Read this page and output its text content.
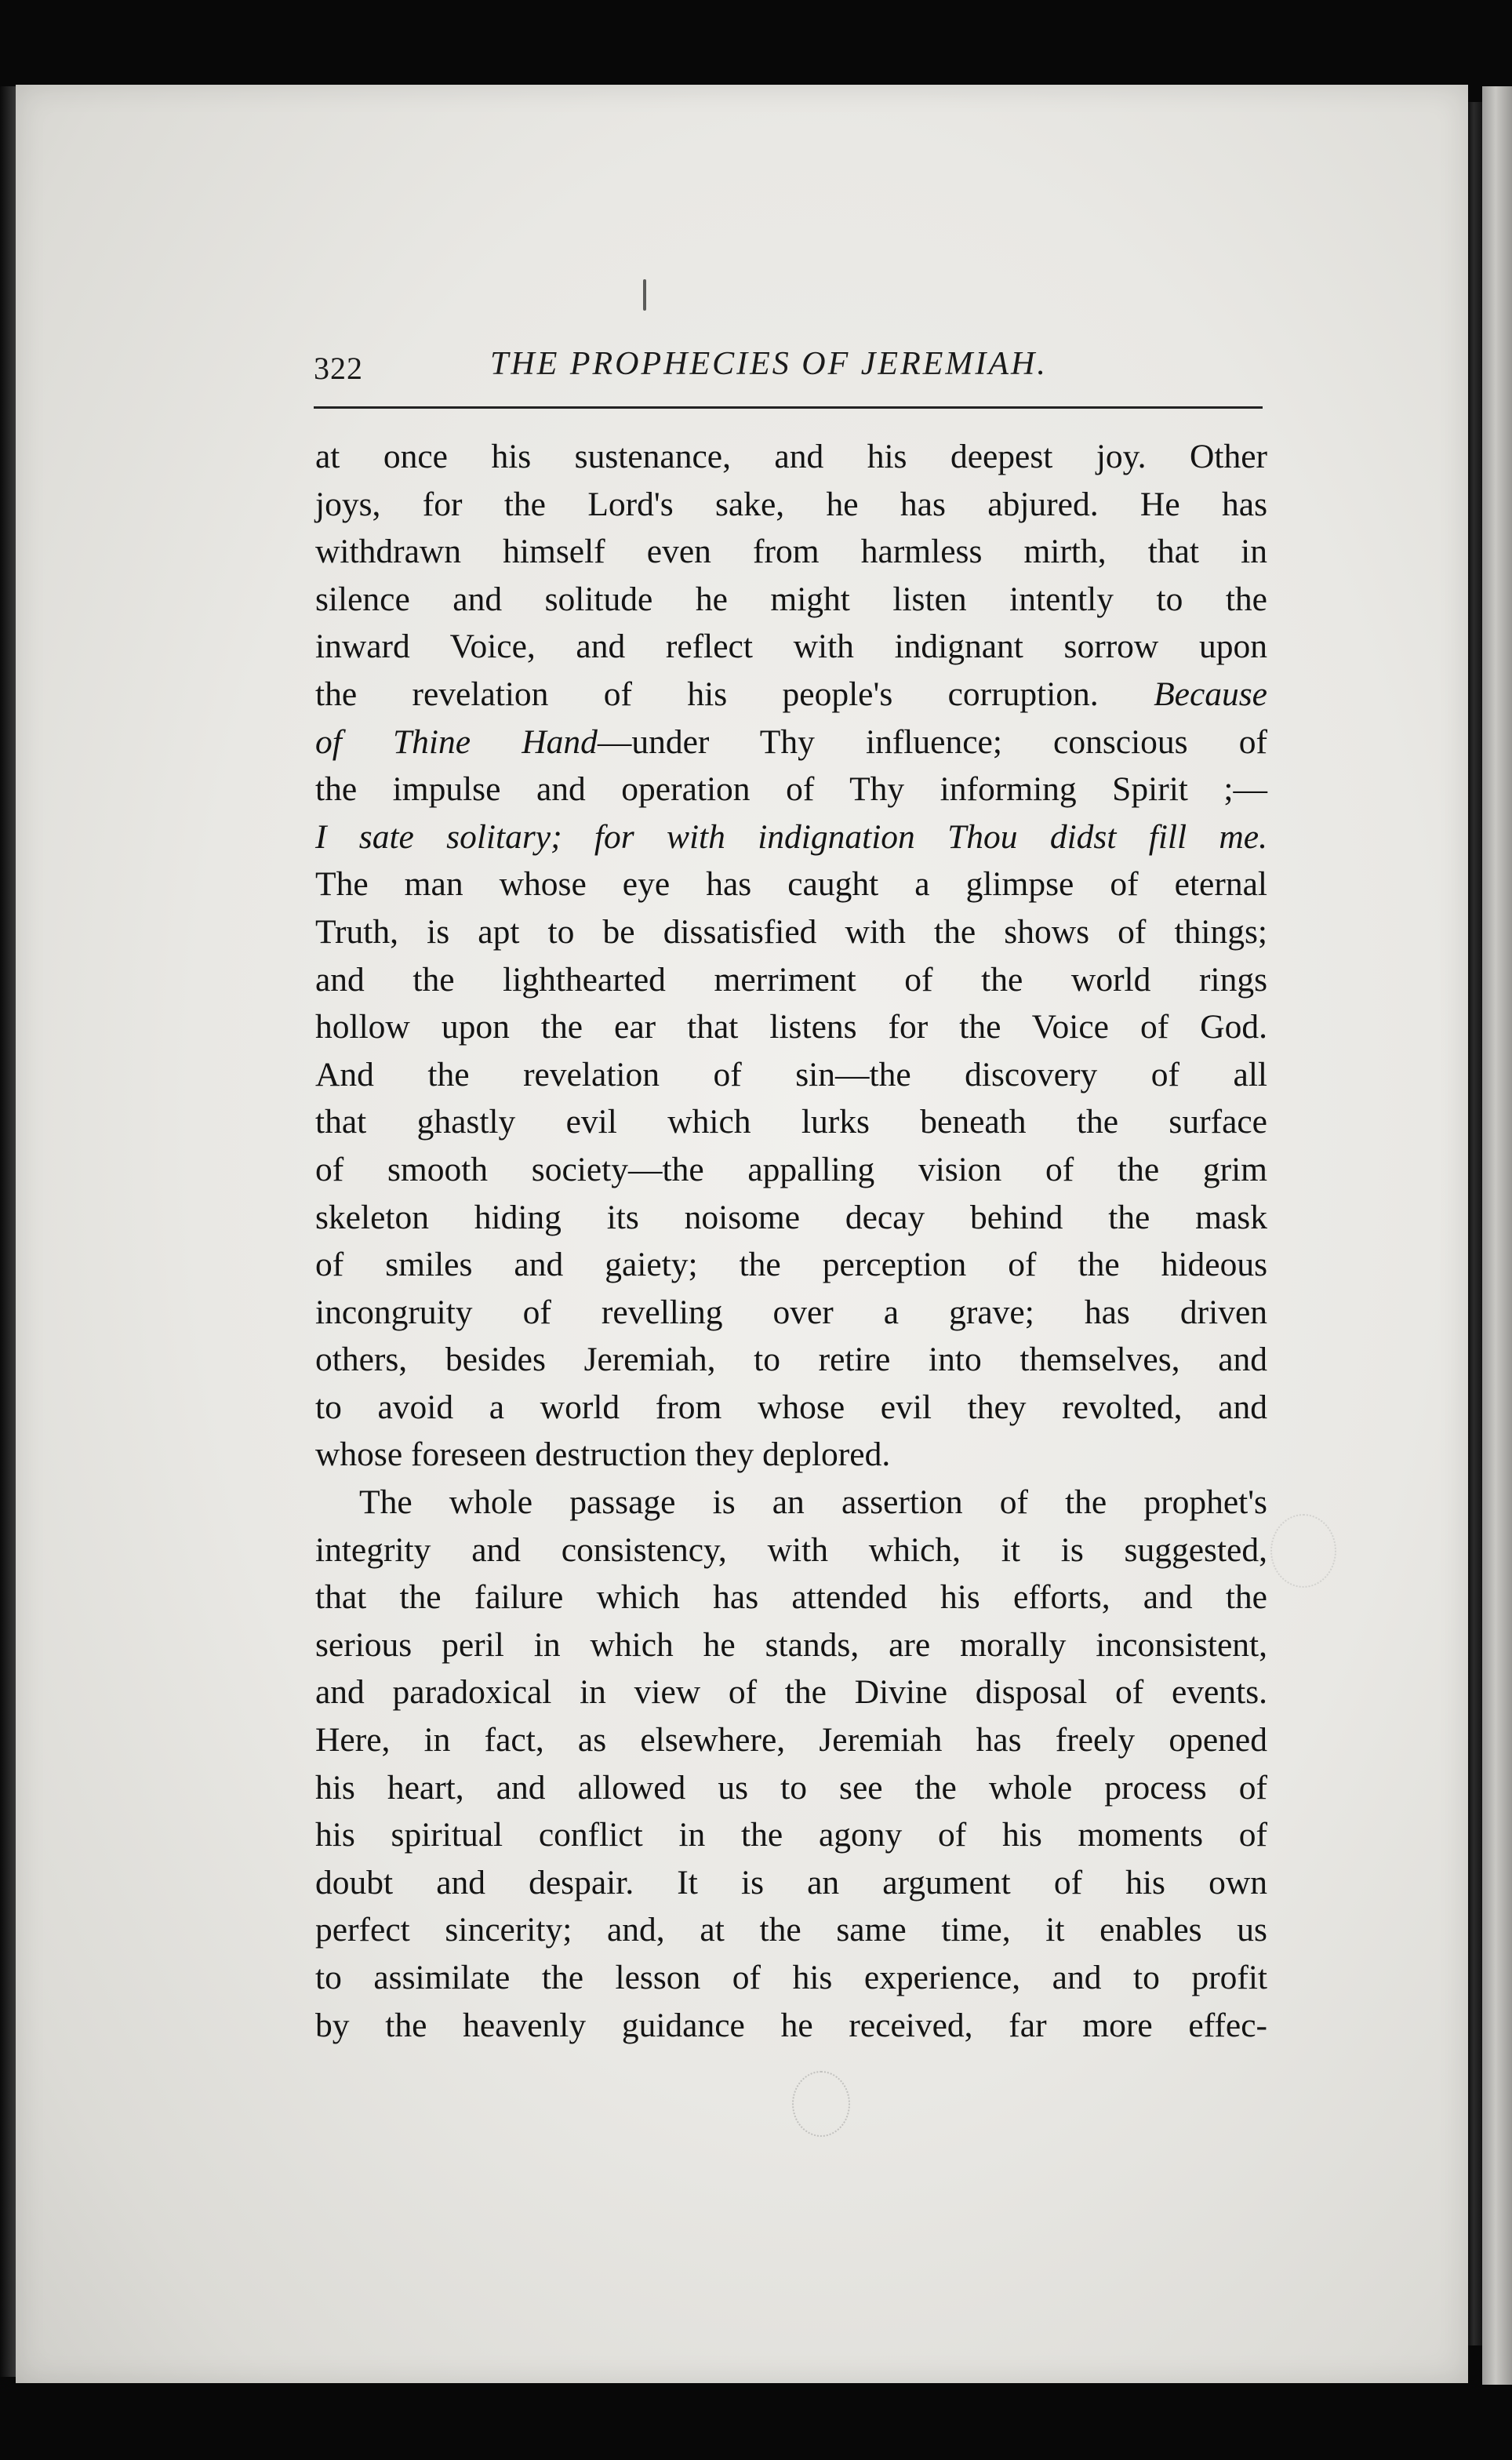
322	THE PROPHECIES OF JEREMIAH.
at once his sustenance, and his deepest joy. Other
joys, for the Lord's sake, he has abjured. He has
withdrawn himself even from harmless mirth, that in
silence and solitude he might listen intently to the
inward Voice, and reflect with indignant sorrow upon
the revelation of his people's corruption. Because
of Thine Hand—under Thy influence; conscious of
the impulse and operation of Thy informing Spirit ;—
I sate solitary; for with indignation Thou didst fill me.
The man whose eye has caught a glimpse of eternal
Truth, is apt to be dissatisfied with the shows of things;
and the lighthearted merriment of the world rings
hollow upon the ear that listens for the Voice of God.
And the revelation of sin—the discovery of all
that ghastly evil which lurks beneath the surface
of smooth society—the appalling vision of the grim
skeleton hiding its noisome decay behind the mask
of smiles and gaiety; the perception of the hideous
incongruity of revelling over a grave; has driven
others, besides Jeremiah, to retire into themselves, and
to avoid a world from whose evil they revolted, and
whose foreseen destruction they deplored.
The whole passage is an assertion of the prophet's
integrity and consistency, with which, it is suggested,
that the failure which has attended his efforts, and the
serious peril in which he stands, are morally inconsistent,
and paradoxical in view of the Divine disposal of events.
Here, in fact, as elsewhere, Jeremiah has freely opened
his heart, and allowed us to see the whole process of
his spiritual conflict in the agony of his moments of
doubt and despair. It is an argument of his own
perfect sincerity; and, at the same time, it enables us
to assimilate the lesson of his experience, and to profit
by the heavenly guidance he received, far more effec-
